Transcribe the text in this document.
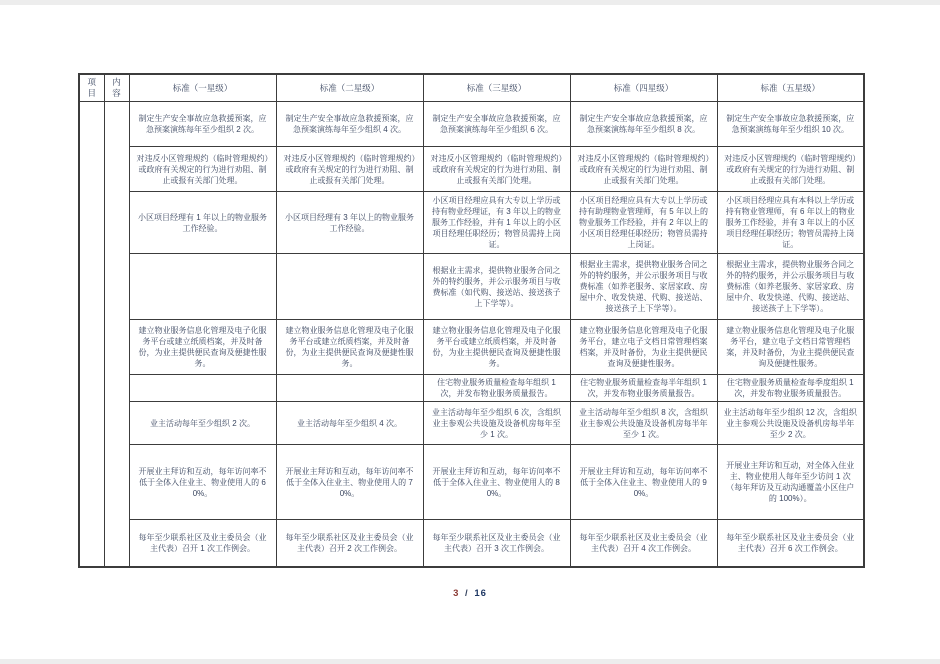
项目	内容	标准（一星级）	标准（二星级）	标准（三星级）	标准（四星级）	标准（五星级）
		制定生产安全事故应急救援预案，应急预案演练每年至少组织 2 次。	制定生产安全事故应急救援预案，应急预案演练每年至少组织 4 次。	制定生产安全事故应急救援预案，应急预案演练每年至少组织 6 次。	制定生产安全事故应急救援预案，应急预案演练每年至少组织 8 次。	制定生产安全事故应急救援预案，应急预案演练每年至少组织 10 次。
		对违反小区管理规约（临时管理规约）或政府有关规定的行为进行劝阻、制止或报有关部门处理。	对违反小区管理规约（临时管理规约）或政府有关规定的行为进行劝阻、制止或报有关部门处理。	对违反小区管理规约（临时管理规约）或政府有关规定的行为进行劝阻、制止或报有关部门处理。	对违反小区管理规约（临时管理规约）或政府有关规定的行为进行劝阻、制止或报有关部门处理。	对违反小区管理规约（临时管理规约）或政府有关规定的行为进行劝阻、制止或报有关部门处理。
		小区项目经理有 1 年以上的物业服务工作经验。	小区项目经理有 3 年以上的物业服务工作经验。	小区项目经理应具有大专以上学历或持有物业经理证，有 3 年以上的物业服务工作经验，并有 1 年以上的小区项目经理任职经历；物管员需持上岗证。	小区项目经理应具有大专以上学历或持有助理物业管理师，有 5 年以上的物业服务工作经验，并有 2 年以上的小区项目经理任职经历；物管员需持上岗证。	小区项目经理应具有本科以上学历或持有物业管理师，有 6 年以上的物业服务工作经验，并有 3 年以上的小区项目经理任职经历；物管员需持上岗证。
				根据业主需求，提供物业服务合同之外的特约服务，并公示服务项目与收费标准（如代购、接送站、接送孩子上下学等）。	根据业主需求，提供物业服务合同之外的特约服务，并公示服务项目与收费标准（如养老服务、家居家政、房屋中介、收发快递、代购、接送站、接送孩子上下学等）。	根据业主需求，提供物业服务合同之外的特约服务，并公示服务项目与收费标准（如养老服务、家居家政、房屋中介、收发快递、代购、接送站、接送孩子上下学等）。
		建立物业服务信息化管理及电子化服务平台或建立纸质档案，并及时备份，为业主提供便民查询及便捷性服务。	建立物业服务信息化管理及电子化服务平台或建立纸质档案，并及时备份，为业主提供便民查询及便捷性服务。	建立物业服务信息化管理及电子化服务平台或建立纸质档案，并及时备份，为业主提供便民查询及便捷性服务。	建立物业服务信息化管理及电子化服务平台，建立电子文档日常管理档案档案，并及时备份，为业主提供便民查询及便捷性服务。	建立物业服务信息化管理及电子化服务平台，建立电子文档日常管理档案，并及时备份，为业主提供便民查询及便捷性服务。
				住宅物业服务质量检查每年组织 1 次，并发布物业服务质量报告。	住宅物业服务质量检查每半年组织 1 次，并发布物业服务质量报告。	住宅物业服务质量检查每季度组织 1 次，并发布物业服务质量报告。
		业主活动每年至少组织 2 次。	业主活动每年至少组织 4 次。	业主活动每年至少组织 6 次，含组织业主参观公共设施及设备机房每年至少 1 次。	业主活动每年至少组织 8 次，含组织业主参观公共设施及设备机房每半年至少 1 次。	业主活动每年至少组织 12 次，含组织业主参观公共设施及设备机房每半年至少 2 次。
		开展业主拜访和互动，每年访问率不低于全体入住业主、物业使用人的 60%。	开展业主拜访和互动，每年访问率不低于全体入住业主、物业使用人的 70%。	开展业主拜访和互动，每年访问率不低于全体入住业主、物业使用人的 80%。	开展业主拜访和互动，每年访问率不低于全体入住业主、物业使用人的 90%。	开展业主拜访和互动，对全体入住业主、物业使用人每年至少访问 1 次（每年拜访及互动沟通覆盖小区住户的 100%）。
		每年至少联系社区及业主委员会（业主代表）召开 1 次工作例会。	每年至少联系社区及业主委员会（业主代表）召开 2 次工作例会。	每年至少联系社区及业主委员会（业主代表）召开 3 次工作例会。	每年至少联系社区及业主委员会（业主代表）召开 4 次工作例会。	每年至少联系社区及业主委员会（业主代表）召开 6 次工作例会。
3 / 16
